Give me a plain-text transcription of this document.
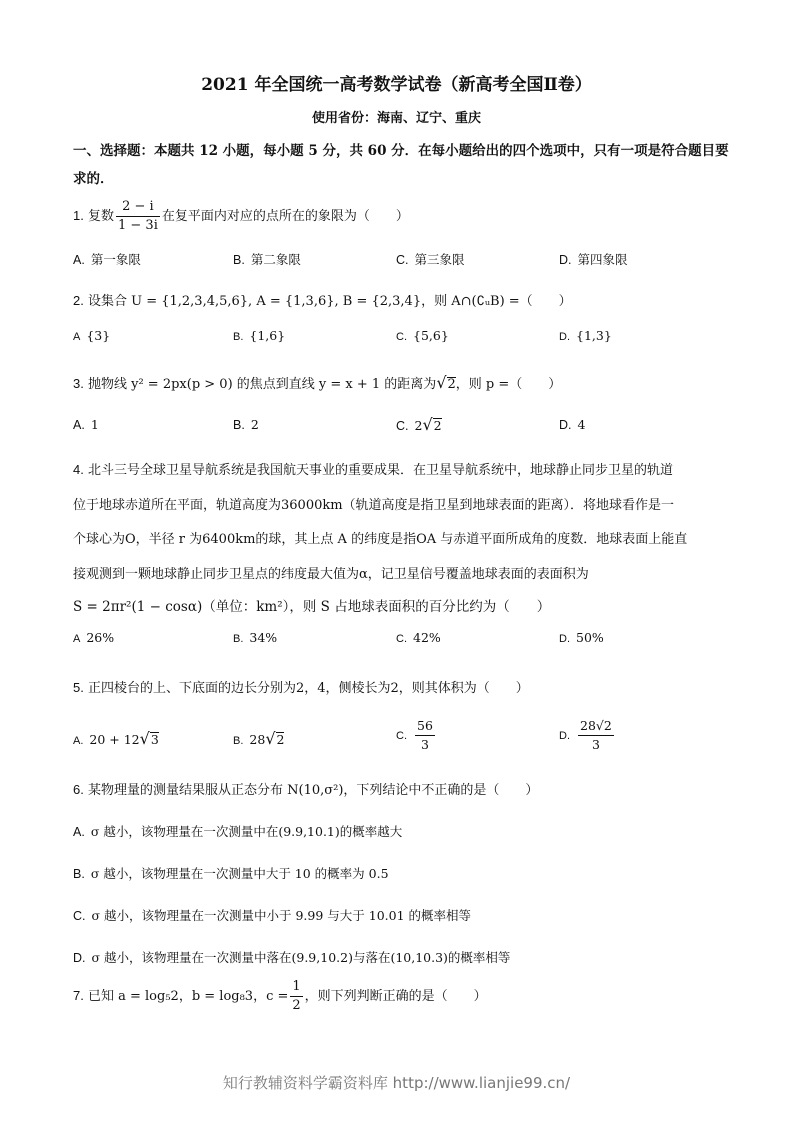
2021 年全国统一高考数学试卷（新高考全国Ⅱ卷）
使用省份：海南、辽宁、重庆
一、选择题：本题共 12 小题，每小题 5 分，共 60 分．在每小题给出的四个选项中，只有一项是符合题目要求的．
1. 复数 $\frac{2 - i}{1 - 3i}$ 在复平面内对应的点所在的象限为（　　）
A. 第一象限	B. 第二象限	C. 第三象限	D. 第四象限
2. 设集合 U = {1,2,3,4,5,6}, A = {1,3,6}, B = {2,3,4}，则 A∩(∁ᵤB) =（　　）
A {3}	B. {1,6}	C. {5,6}	D. {1,3}
3. 抛物线 y² = 2px(p > 0) 的焦点到直线 y = x + 1 的距离为√2，则 p =（　　）
A. 1	B. 2	C. 2√2	D. 4
4. 北斗三号全球卫星导航系统是我国航天事业的重要成果．在卫星导航系统中，地球静止同步卫星的轨道
位于地球赤道所在平面，轨道高度为36000km（轨道高度是指卫星到地球表面的距离）．将地球看作是一
个球心为O，半径 r 为6400km的球，其上点 A 的纬度是指OA 与赤道平面所成角的度数．地球表面上能直
接观测到一颗地球静止同步卫星点的纬度最大值为α，记卫星信号覆盖地球表面的表面积为
S = 2πr²(1 − cosα)（单位：km²），则 S 占地球表面积的百分比约为（　　）
A 26%	B. 34%	C. 42%	D. 50%
5. 正四棱台的上、下底面的边长分别为2，4，侧棱长为2，则其体积为（　　）
A. 20 + 12√3	B. 28√2	C. $\frac{56}{3}$	D. $\frac{28√2}{3}$
6. 某物理量的测量结果服从正态分布 N(10,σ²)，下列结论中不正确的是（　　）
A. σ 越小，该物理量在一次测量中在(9.9,10.1)的概率越大
B. σ 越小，该物理量在一次测量中大于 10 的概率为 0.5
C. σ 越小，该物理量在一次测量中小于 9.99 与大于 10.01 的概率相等
D. σ 越小，该物理量在一次测量中落在(9.9,10.2)与落在(10,10.3)的概率相等
7. 已知 a = log₅2，b = log₈3，$c = \frac{1}{2}$ ，则下列判断正确的是（　　）
知行教辅资料学霸资料库 http://www.lianjie99.cn/
